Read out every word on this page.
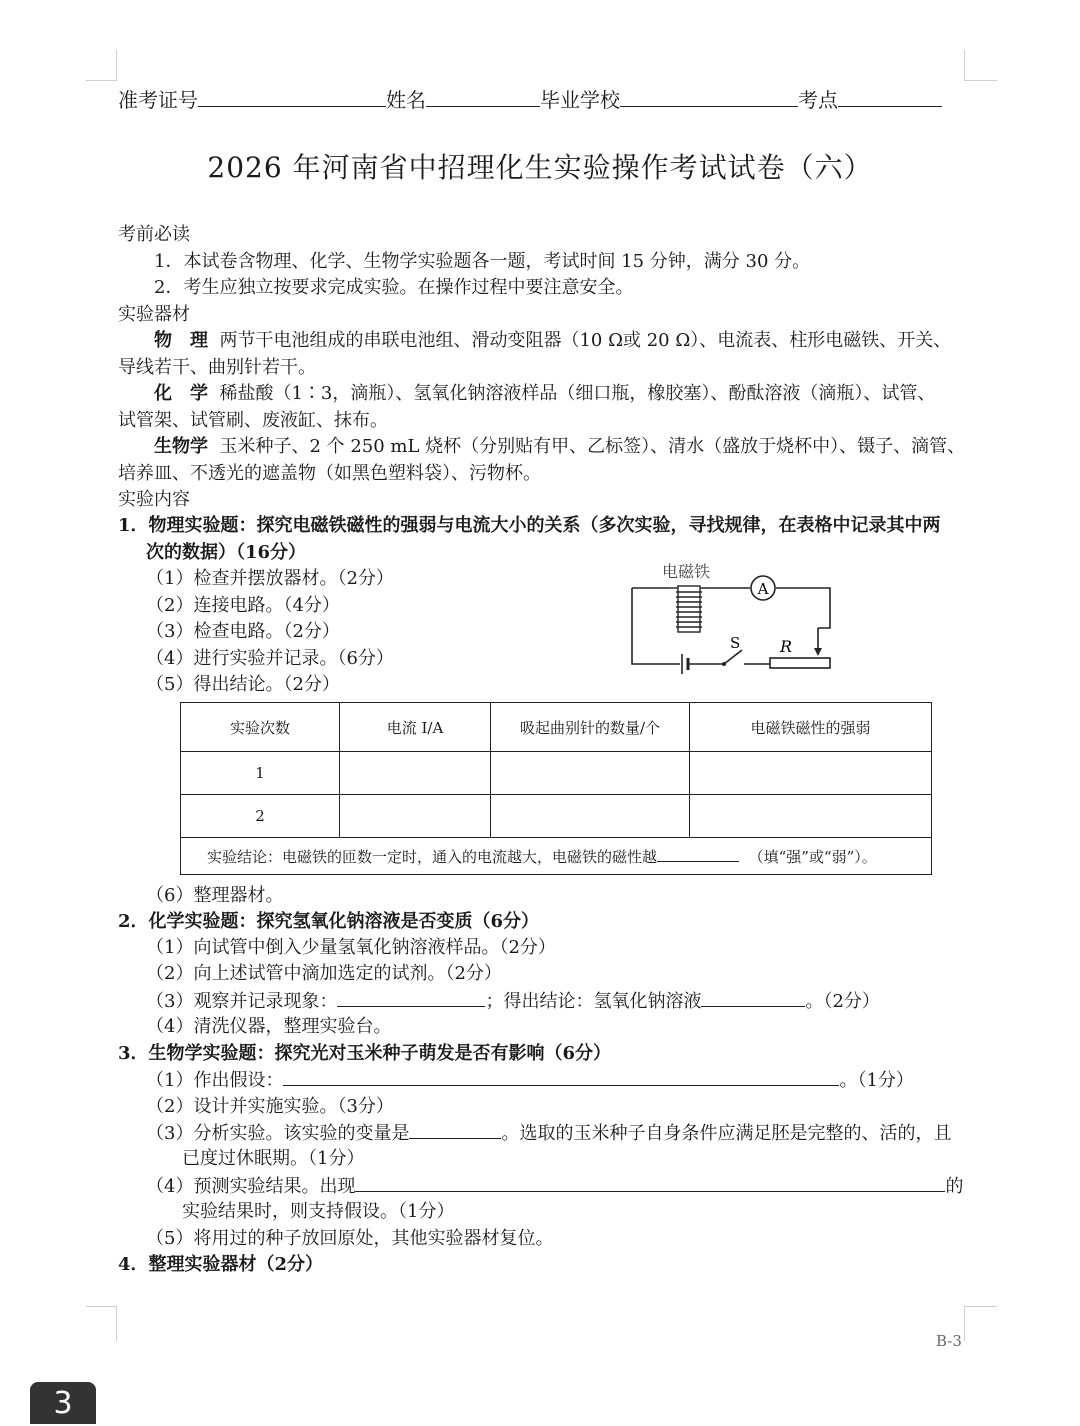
准考证号	姓名	毕业学校	考点
2026 年河南省中招理化生实验操作考试试卷（六）
考前必读
1．本试卷含物理、化学、生物学实验题各一题，考试时间 15 分钟，满分 30 分。
2．考生应独立按要求完成实验。在操作过程中要注意安全。
实验器材
物　理 两节干电池组成的串联电池组、滑动变阻器（10 Ω或 20 Ω）、电流表、柱形电磁铁、开关、
导线若干、曲别针若干。
化　学 稀盐酸（1∶3，滴瓶）、氢氧化钠溶液样品（细口瓶，橡胶塞）、酚酞溶液（滴瓶）、试管、
试管架、试管刷、废液缸、抹布。
生物学 玉米种子、2 个 250 mL 烧杯（分别贴有甲、乙标签）、清水（盛放于烧杯中）、镊子、滴管、
培养皿、不透光的遮盖物（如黑色塑料袋）、污物杯。
实验内容
1．物理实验题：探究电磁铁磁性的强弱与电流大小的关系（多次实验，寻找规律，在表格中记录其中两
次的数据）（16分）
（1）检查并摆放器材。（2分）
（2）连接电路。（4分）
（3）检查电路。（2分）
（4）进行实验并记录。（6分）
（5）得出结论。（2分）
A
电磁铁
S R
实验次数	电流 I/A	吸起曲别针的数量/个	电磁铁磁性的强弱
1			
2			
实验结论：电磁铁的匝数一定时，通入的电流越大，电磁铁的磁性越 （填“强”或“弱”）。			
（6）整理器材。
2．化学实验题：探究氢氧化钠溶液是否变质（6分）
（1）向试管中倒入少量氢氧化钠溶液样品。（2分）
（2）向上述试管中滴加选定的试剂。（2分）
（3）观察并记录现象：	；得出结论：氢氧化钠溶液	。（2分）
（4）清洗仪器，整理实验台。
3．生物学实验题：探究光对玉米种子萌发是否有影响（6分）
（1）作出假设：	。（1分）
（2）设计并实施实验。（3分）
（3）分析实验。该实验的变量是	。选取的玉米种子自身条件应满足胚是完整的、活的，且
已度过休眠期。（1分）
（4）预测实验结果。出现	的
实验结果时，则支持假设。（1分）
（5）将用过的种子放回原处，其他实验器材复位。
4．整理实验器材（2分）
B-3
3
